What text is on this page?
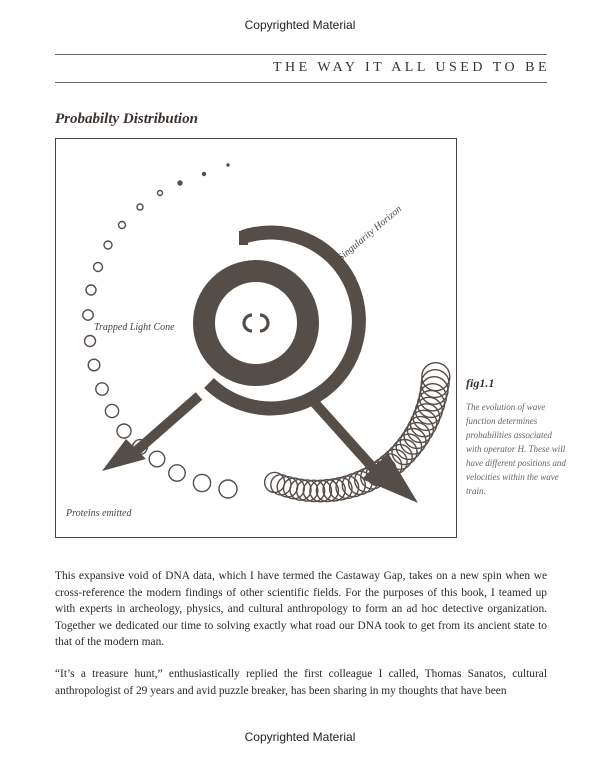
Copyrighted Material
THE WAY IT ALL USED TO BE
Probabilty Distribution
Singularity Horizon
Trapped Light Cone
Proteins emitted
fig1.1
The evolution of wave function determines probabilities associated with operator H. These will have different positions and velocities within the wave train.

This expansive void of DNA data, which I have termed the Castaway Gap, takes on a new spin when we cross-reference the modern findings of other scientific fields. For the purposes of this book, I teamed up with experts in archeology, physics, and cultural anthropology to form an ad hoc detective organization. Together we dedicated our time to solving exactly what road our DNA took to get from its ancient state to that of the modern man.

“It’s a treasure hunt,” enthusiastically replied the first colleague I called, Thomas Sanatos, cultural anthropologist of 29 years and avid puzzle breaker, has been sharing in my thoughts that have been

Copyrighted Material
